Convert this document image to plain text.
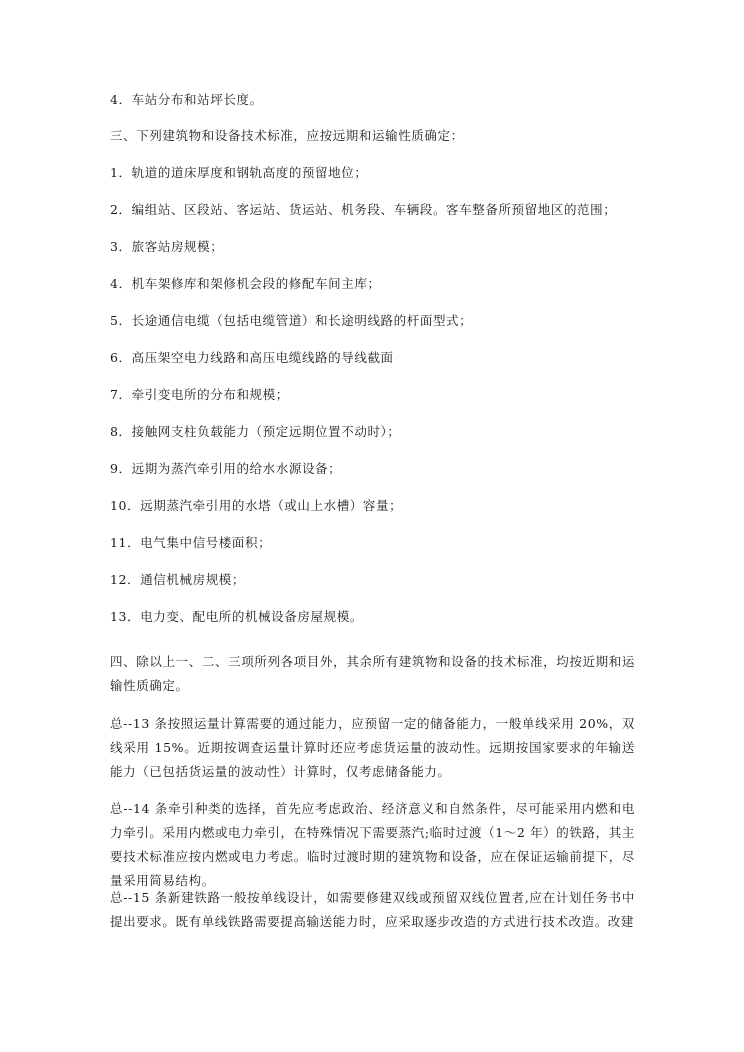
4．车站分布和站坪长度。
三、下列建筑物和设备技术标准，应按远期和运输性质确定：
1．轨道的道床厚度和钢轨高度的预留地位；
2．编组站、区段站、客运站、货运站、机务段、车辆段。客车整备所预留地区的范围；
3．旅客站房规模；
4．机车架修库和架修机会段的修配车间主库；
5．长途通信电缆（包括电缆管道）和长途明线路的杆面型式；
6．高压架空电力线路和高压电缆线路的导线截面
7．牵引变电所的分布和规模；
8．接触网支柱负载能力（预定远期位置不动时）；
9．远期为蒸汽牵引用的给水水源设备；
10．远期蒸汽牵引用的水塔（或山上水槽）容量；
11．电气集中信号楼面积；
12．通信机械房规模；
13．电力变、配电所的机械设备房屋规模。
四、除以上一、二、三项所列各项目外，其余所有建筑物和设备的技术标准，均按近期和运输性质确定。
总--13 条按照运量计算需要的通过能力，应预留一定的储备能力，一般单线采用 20%，双线采用 15%。近期按调查运量计算时还应考虑货运量的波动性。远期按国家要求的年输送能力（已包括货运量的波动性）计算时，仅考虑储备能力。
总--14 条牵引种类的选择，首先应考虑政治、经济意义和自然条件，尽可能采用内燃和电力牵引。采用内燃或电力牵引，在特殊情况下需要蒸汽;临时过渡（1～2 年）的铁路，其主要技术标准应按内燃或电力考虑。临时过渡时期的建筑物和设备，应在保证运输前提下，尽量采用简易结构。
总--15 条新建铁路一般按单线设计，如需要修建双线或预留双线位置者,应在计划任务书中提出要求。既有单线铁路需要提高输送能力时，应采取逐步改造的方式进行技术改造。改建
